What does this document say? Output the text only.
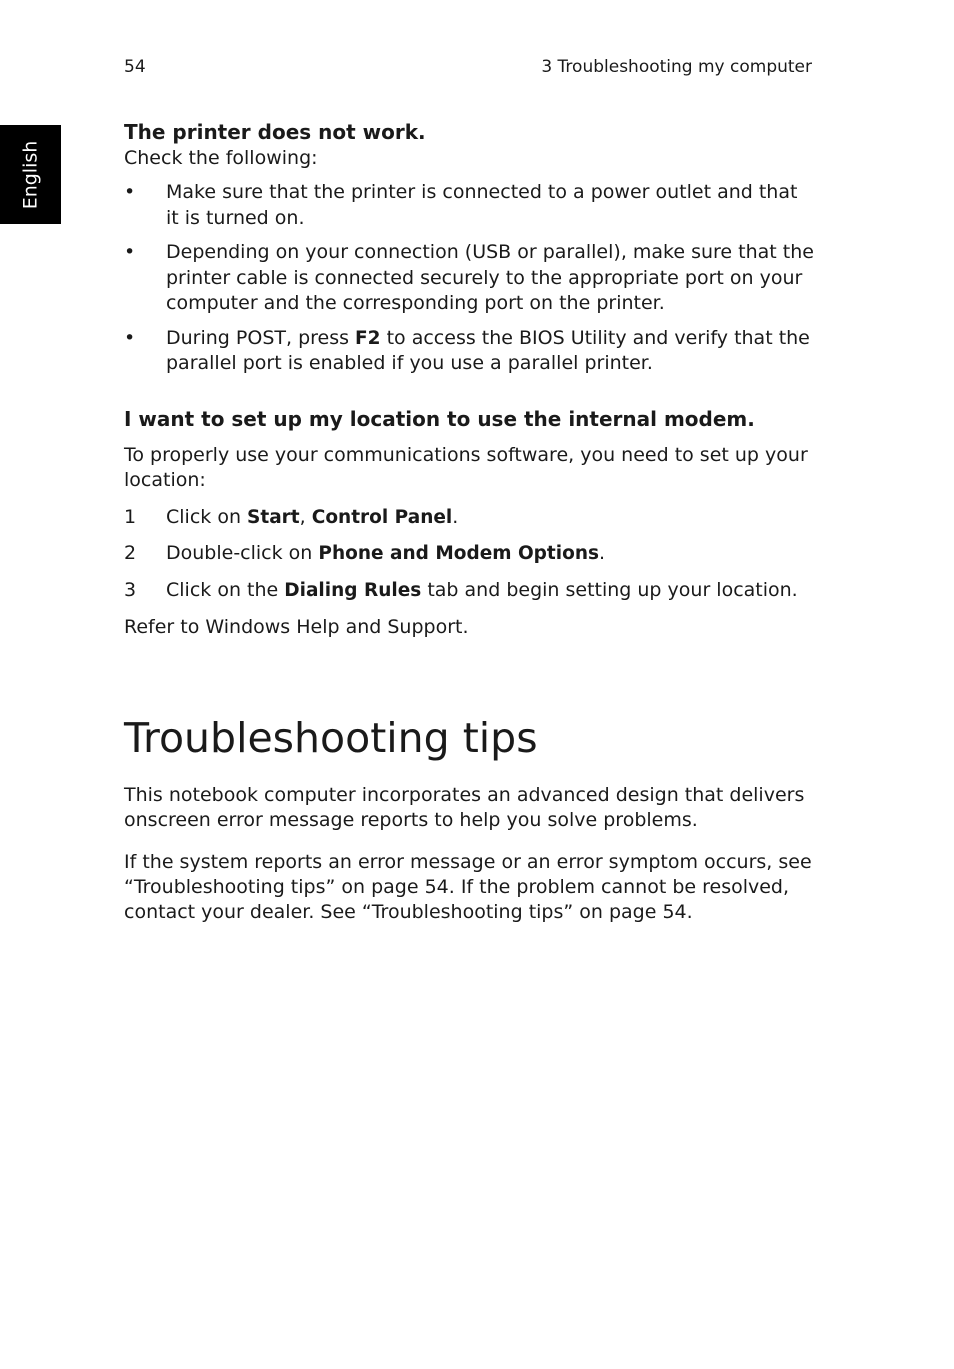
54	3 Troubleshooting my computer
English
The printer does not work.

Check the following:

•	Make sure that the printer is connected to a power outlet and that it is turned on.
•	Depending on your connection (USB or parallel), make sure that the printer cable is connected securely to the appropriate port on your computer and the corresponding port on the printer.
•	During POST, press F2 to access the BIOS Utility and verify that the parallel port is enabled if you use a parallel printer.
I want to set up my location to use the internal modem.

To properly use your communications software, you need to set up your location:

1	Click on Start, Control Panel.
2	Double-click on Phone and Modem Options.
3	Click on the Dialing Rules tab and begin setting up your location.

Refer to Windows Help and Support.

Troubleshooting tips

This notebook computer incorporates an advanced design that delivers onscreen error message reports to help you solve problems.

If the system reports an error message or an error symptom occurs, see “Troubleshooting tips” on page 54. If the problem cannot be resolved, contact your dealer. See “Troubleshooting tips” on page 54.
